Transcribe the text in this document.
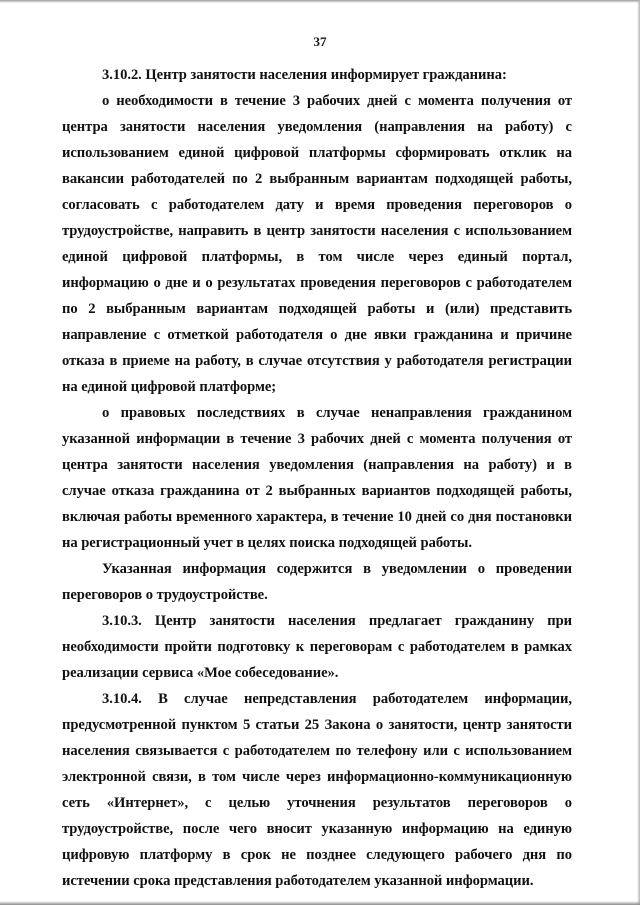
37

3.10.2. Центр занятости населения информирует гражданина:

о необходимости в течение 3 рабочих дней с момента получения от центра занятости населения уведомления (направления на работу) с использованием единой цифровой платформы сформировать отклик на вакансии работодателей по 2 выбранным вариантам подходящей работы, согласовать с работодателем дату и время проведения переговоров о трудоустройстве, направить в центр занятости населения с использованием единой цифровой платформы, в том числе через единый портал, информацию о дне и о результатах проведения переговоров с работодателем по 2 выбранным вариантам подходящей работы и (или) представить направление с отметкой работодателя о дне явки гражданина и причине отказа в приеме на работу, в случае отсутствия у работодателя регистрации на единой цифровой платформе;

о правовых последствиях в случае ненаправления гражданином указанной информации в течение 3 рабочих дней с момента получения от центра занятости населения уведомления (направления на работу) и в случае отказа гражданина от 2 выбранных вариантов подходящей работы, включая работы временного характера, в течение 10 дней со дня постановки на регистрационный учет в целях поиска подходящей работы.

Указанная информация содержится в уведомлении о проведении переговоров о трудоустройстве.

3.10.3. Центр занятости населения предлагает гражданину при необходимости пройти подготовку к переговорам с работодателем в рамках реализации сервиса «Мое собеседование».

3.10.4. В случае непредставления работодателем информации, предусмотренной пунктом 5 статьи 25 Закона о занятости, центр занятости населения связывается с работодателем по телефону или с использованием электронной связи, в том числе через информационно-коммуникационную сеть «Интернет», с целью уточнения результатов переговоров о трудоустройстве, после чего вносит указанную информацию на единую цифровую платформу в срок не позднее следующего рабочего дня по истечении срока представления работодателем указанной информации.
